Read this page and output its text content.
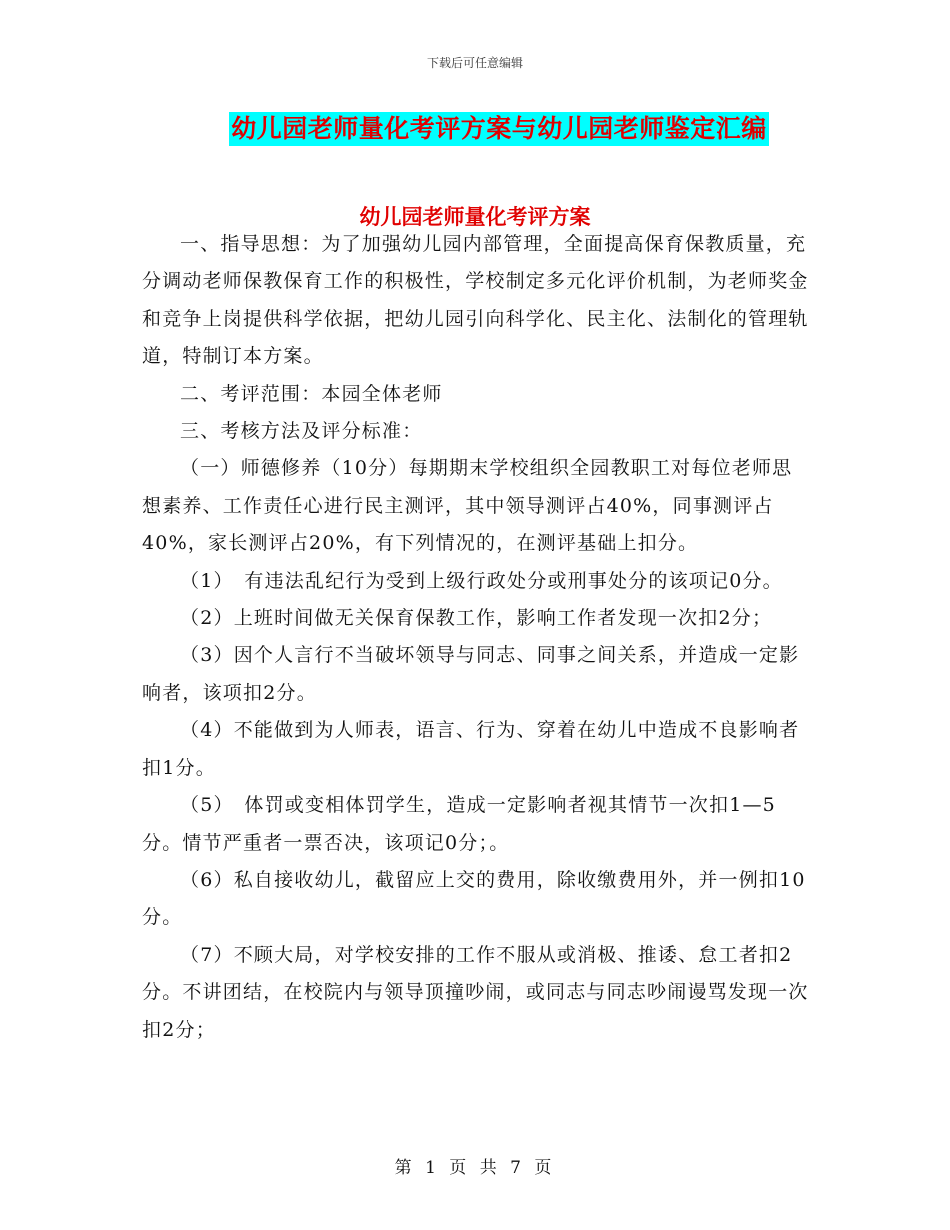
下载后可任意编辑
幼儿园老师量化考评方案与幼儿园老师鉴定汇编
幼儿园老师量化考评方案

一、指导思想：为了加强幼儿园内部管理，全面提高保育保教质量，充分调动老师保教保育工作的积极性，学校制定多元化评价机制，为老师奖金和竞争上岗提供科学依据，把幼儿园引向科学化、民主化、法制化的管理轨道，特制订本方案。

二、考评范围：本园全体老师

三、考核方法及评分标准：

（一）师德修养（10分）每期期末学校组织全园教职工对每位老师思想素养、工作责任心进行民主测评，其中领导测评占40%，同事测评占40%，家长测评占20%，有下列情况的，在测评基础上扣分。

（1）　有违法乱纪行为受到上级行政处分或刑事处分的该项记0分。

（2）上班时间做无关保育保教工作，影响工作者发现一次扣2分；

（3）因个人言行不当破坏领导与同志、同事之间关系，并造成一定影响者，该项扣2分。

（4）不能做到为人师表，语言、行为、穿着在幼儿中造成不良影响者扣1分。

（5）　体罚或变相体罚学生，造成一定影响者视其情节一次扣1—5分。情节严重者一票否决，该项记0分；。

（6）私自接收幼儿，截留应上交的费用，除收缴费用外，并一例扣10分。

（7）不顾大局，对学校安排的工作不服从或消极、推诿、怠工者扣2分。不讲团结，在校院内与领导顶撞吵闹，或同志与同志吵闹谩骂发现一次扣2分；

第 1 页 共 7 页
